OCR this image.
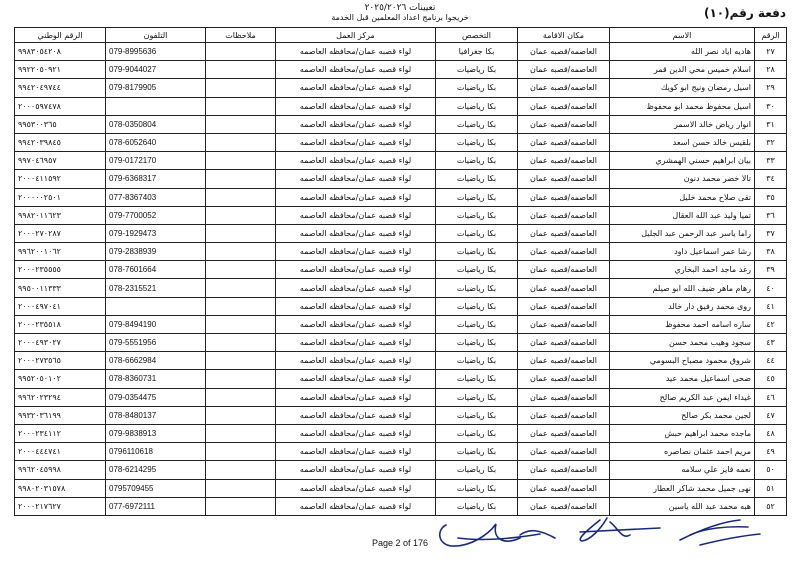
تعيينات ٢٠٢٥/٢٠٢٦
خريجوا برنامج اعداد المعلمين قبل الخدمة	دفعة رقم(١٠)
الرقم	الاسم	مكان الاقامة	التخصص	مركز العمل	ملاحظات	التلفون	الرقم الوطني
٢٧	هاديه اياد نصر الله	العاصمه/قصبه عمان	بكا جغرافيا	لواء قصبه عمان/محافظه العاصمه		079-8995636	٩٩٨٣٠٥٤٢٠٨
٢٨	اسلام خميس محي الدين قمر	العاصمه/قصبه عمان	بكا رياضيات	لواء قصبه عمان/محافظه العاصمه		079-9044027	٩٩٢٢٠٥٠٩٢١
٢٩	اسيل رمضان ونيج ابو كويك	العاصمه/قصبه عمان	بكا رياضيات	لواء قصبه عمان/محافظه العاصمه		079-8179905	٩٩٤٢٠٤٩٧٤٤
٣٠	اسيل محفوظ محمد ابو محفوظ	العاصمه/قصبه عمان	بكا رياضيات	لواء قصبه عمان/محافظه العاصمه			٢٠٠٠٥٩٧٤٧٨
٣١	انوار رياض خالد الاسمر	العاصمه/قصبه عمان	بكا رياضيات	لواء قصبه عمان/محافظه العاصمه		078-0350804	٩٩٥٣٠٠٣٦٥
٣٢	بلقيس خالد حسن اسعد	العاصمه/قصبه عمان	بكا رياضيات	لواء قصبه عمان/محافظه العاصمه		078-6052640	٩٩٤٢٠٣٩٨٤٥
٣٣	بيان ابراهيم حسني الهمشري	العاصمه/قصبه عمان	بكا رياضيات	لواء قصبه عمان/محافظه العاصمه		079-0172170	٩٩٧٠٤٦٩٥٧
٣٤	تالا خضر محمد دنون	العاصمه/قصبه عمان	بكا رياضيات	لواء قصبه عمان/محافظه العاصمه		079-6368317	٢٠٠٠٤١١٥٩٢
٣٥	تقى صلاح محمد خليل	العاصمه/قصبه عمان	بكا رياضيات	لواء قصبه عمان/محافظه العاصمه		077-8367403	٢٠٠٠٠٠٢٥٠١
٣٦	تميا وليد عبد الله العقال	العاصمه/قصبه عمان	بكا رياضيات	لواء قصبه عمان/محافظه العاصمه		079-7700052	٩٩٨٢٠١١٦٢٣
٣٧	راما ياسر عبد الرحمن عبد الجليل	العاصمه/قصبه عمان	بكا رياضيات	لواء قصبه عمان/محافظه العاصمه		079-1929473	٢٠٠٠٢٧٠٢٨٧
٣٨	رشا عمر اسماعيل داود	العاصمه/قصبه عمان	بكا رياضيات	لواء قصبه عمان/محافظه العاصمه		079-2838939	٩٩٦٢٠٠١٠٦٢
٣٩	رغد ماجد احمد البخاري	العاصمه/قصبه عمان	بكا رياضيات	لواء قصبه عمان/محافظه العاصمه		078-7601664	٢٠٠٠٢٣٥٥٥٥
٤٠	رهام ماهر ضيف الله ابو صيلم	العاصمه/قصبه عمان	بكا رياضيات	لواء قصبه عمان/محافظه العاصمه		078-2315521	٩٩٥٠٠١١٣٣٣
٤١	روى محمد رفيق دار خالد	العاصمه/قصبه عمان	بكا رياضيات	لواء قصبه عمان/محافظه العاصمه			٢٠٠٠٤٩٧٠٤١
٤٢	ساره اسامه احمد محفوظ	العاصمه/قصبه عمان	بكا رياضيات	لواء قصبه عمان/محافظه العاصمه		079-8494190	٢٠٠٠٢٣٥٥١٨
٤٣	سجود وهيب محمد حسن	العاصمه/قصبه عمان	بكا رياضيات	لواء قصبه عمان/محافظه العاصمه		079-5551956	٢٠٠٠٤٩٣٠٢٧
٤٤	شروق محمود مصباح البسومي	العاصمه/قصبه عمان	بكا رياضيات	لواء قصبه عمان/محافظه العاصمه		078-6662984	٢٠٠٠٢٧٣٥٦٥
٤٥	ضحى اسماعيل محمد عيد	العاصمه/قصبه عمان	بكا رياضيات	لواء قصبه عمان/محافظه العاصمه		078-8360731	٩٩٥٢٠٥٠١٠٢
٤٦	غيداء ايمن عبد الكريم صالح	العاصمه/قصبه عمان	بكا رياضيات	لواء قصبه عمان/محافظه العاصمه		079-0354475	٩٩٦٢٠٢٣٢٩٤
٤٧	لجين محمد بكر صالح	العاصمه/قصبه عمان	بكا رياضيات	لواء قصبه عمان/محافظه العاصمه		078-8480137	٩٩٣٢٠٣٦١٩٩
٤٨	ماجده محمد ابراهيم حبش	العاصمه/قصبه عمان	بكا رياضيات	لواء قصبه عمان/محافظه العاصمه		079-9838913	٢٠٠٠٢٣٤١١٢
٤٩	مريم احمد عثمان نصاصره	العاصمه/قصبه عمان	بكا رياضيات	لواء قصبه عمان/محافظه العاصمه		0796110618	٢٠٠٠٤٤٤٧٤١
٥٠	نعمه فايز علي سلامه	العاصمه/قصبه عمان	بكا رياضيات	لواء قصبه عمان/محافظه العاصمه		078-6214295	٩٩٦٢٠٤٥٩٩٨
٥١	نهى جميل محمد شاكر العطار	العاصمه/قصبه عمان	بكا رياضيات	لواء قصبه عمان/محافظه العاصمه		0795709455	٩٩٨٠٢٠٣١٥٧٨
٥٢	هبه محمد عبد الله ياسين	العاصمه/قصبه عمان	بكا رياضيات	لواء قصبه عمان/محافظه العاصمه		077-6972111	٢٠٠٠٢١٧٦٢٧
Page 2 of 176
